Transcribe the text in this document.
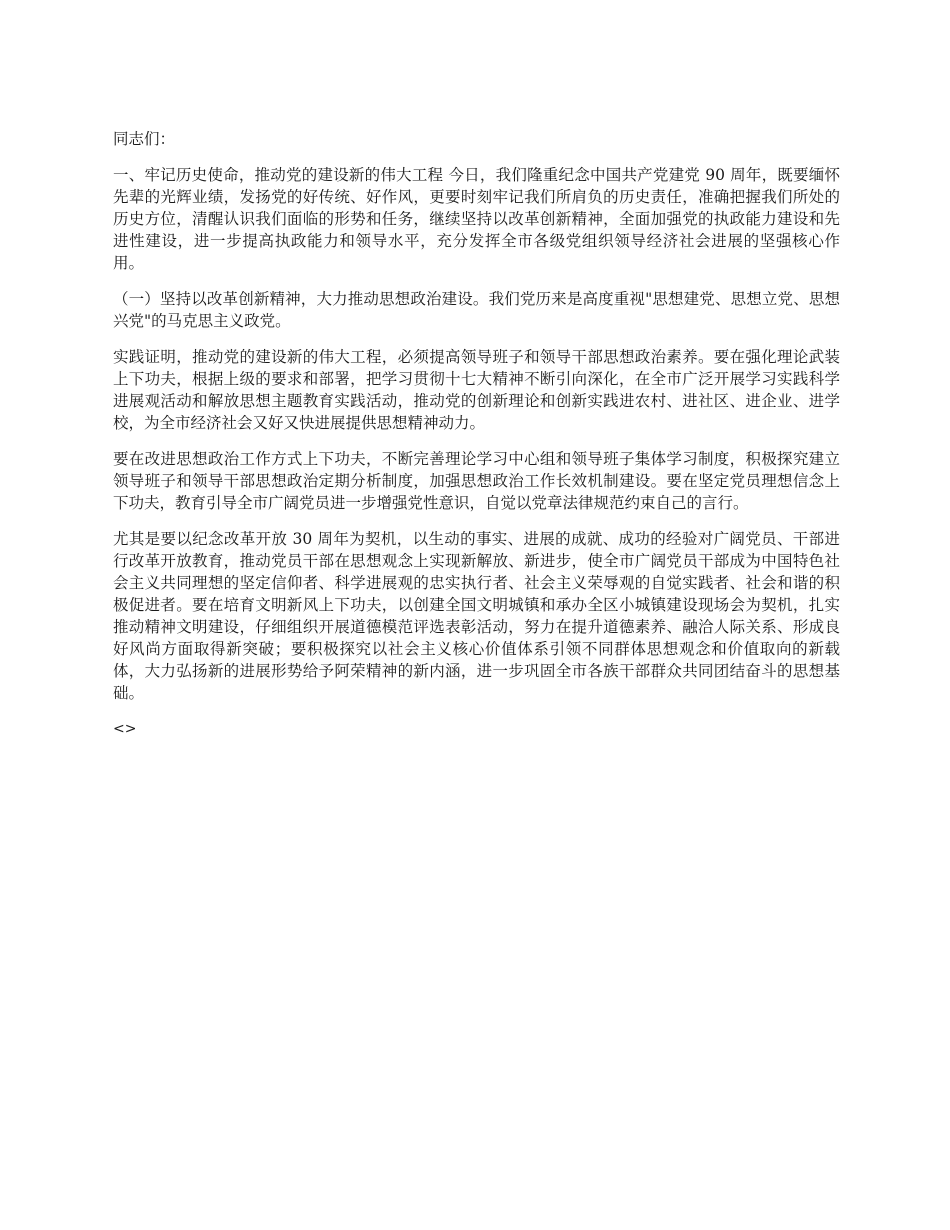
同志们：

一、牢记历史使命，推动党的建设新的伟大工程 今日，我们隆重纪念中国共产党建党 90 周年，既要缅怀先辈的光辉业绩，发扬党的好传统、好作风，更要时刻牢记我们所肩负的历史责任，准确把握我们所处的历史方位，清醒认识我们面临的形势和任务，继续坚持以改革创新精神，全面加强党的执政能力建设和先进性建设，进一步提高执政能力和领导水平，充分发挥全市各级党组织领导经济社会进展的坚强核心作用。

（一）坚持以改革创新精神，大力推动思想政治建设。我们党历来是高度重视"思想建党、思想立党、思想兴党"的马克思主义政党。

实践证明，推动党的建设新的伟大工程，必须提高领导班子和领导干部思想政治素养。要在强化理论武装上下功夫，根据上级的要求和部署，把学习贯彻十七大精神不断引向深化，在全市广泛开展学习实践科学进展观活动和解放思想主题教育实践活动，推动党的创新理论和创新实践进农村、进社区、进企业、进学校，为全市经济社会又好又快进展提供思想精神动力。

要在改进思想政治工作方式上下功夫，不断完善理论学习中心组和领导班子集体学习制度，积极探究建立领导班子和领导干部思想政治定期分析制度，加强思想政治工作长效机制建设。要在坚定党员理想信念上下功夫，教育引导全市广阔党员进一步增强党性意识，自觉以党章法律规范约束自己的言行。

尤其是要以纪念改革开放 30 周年为契机，以生动的事实、进展的成就、成功的经验对广阔党员、干部进行改革开放教育，推动党员干部在思想观念上实现新解放、新进步，使全市广阔党员干部成为中国特色社会主义共同理想的坚定信仰者、科学进展观的忠实执行者、社会主义荣辱观的自觉实践者、社会和谐的积极促进者。要在培育文明新风上下功夫，以创建全国文明城镇和承办全区小城镇建设现场会为契机，扎实推动精神文明建设，仔细组织开展道德模范评选表彰活动，努力在提升道德素养、融洽人际关系、形成良好风尚方面取得新突破；要积极探究以社会主义核心价值体系引领不同群体思想观念和价值取向的新载体，大力弘扬新的进展形势给予阿荣精神的新内涵，进一步巩固全市各族干部群众共同团结奋斗的思想基础。

<>
